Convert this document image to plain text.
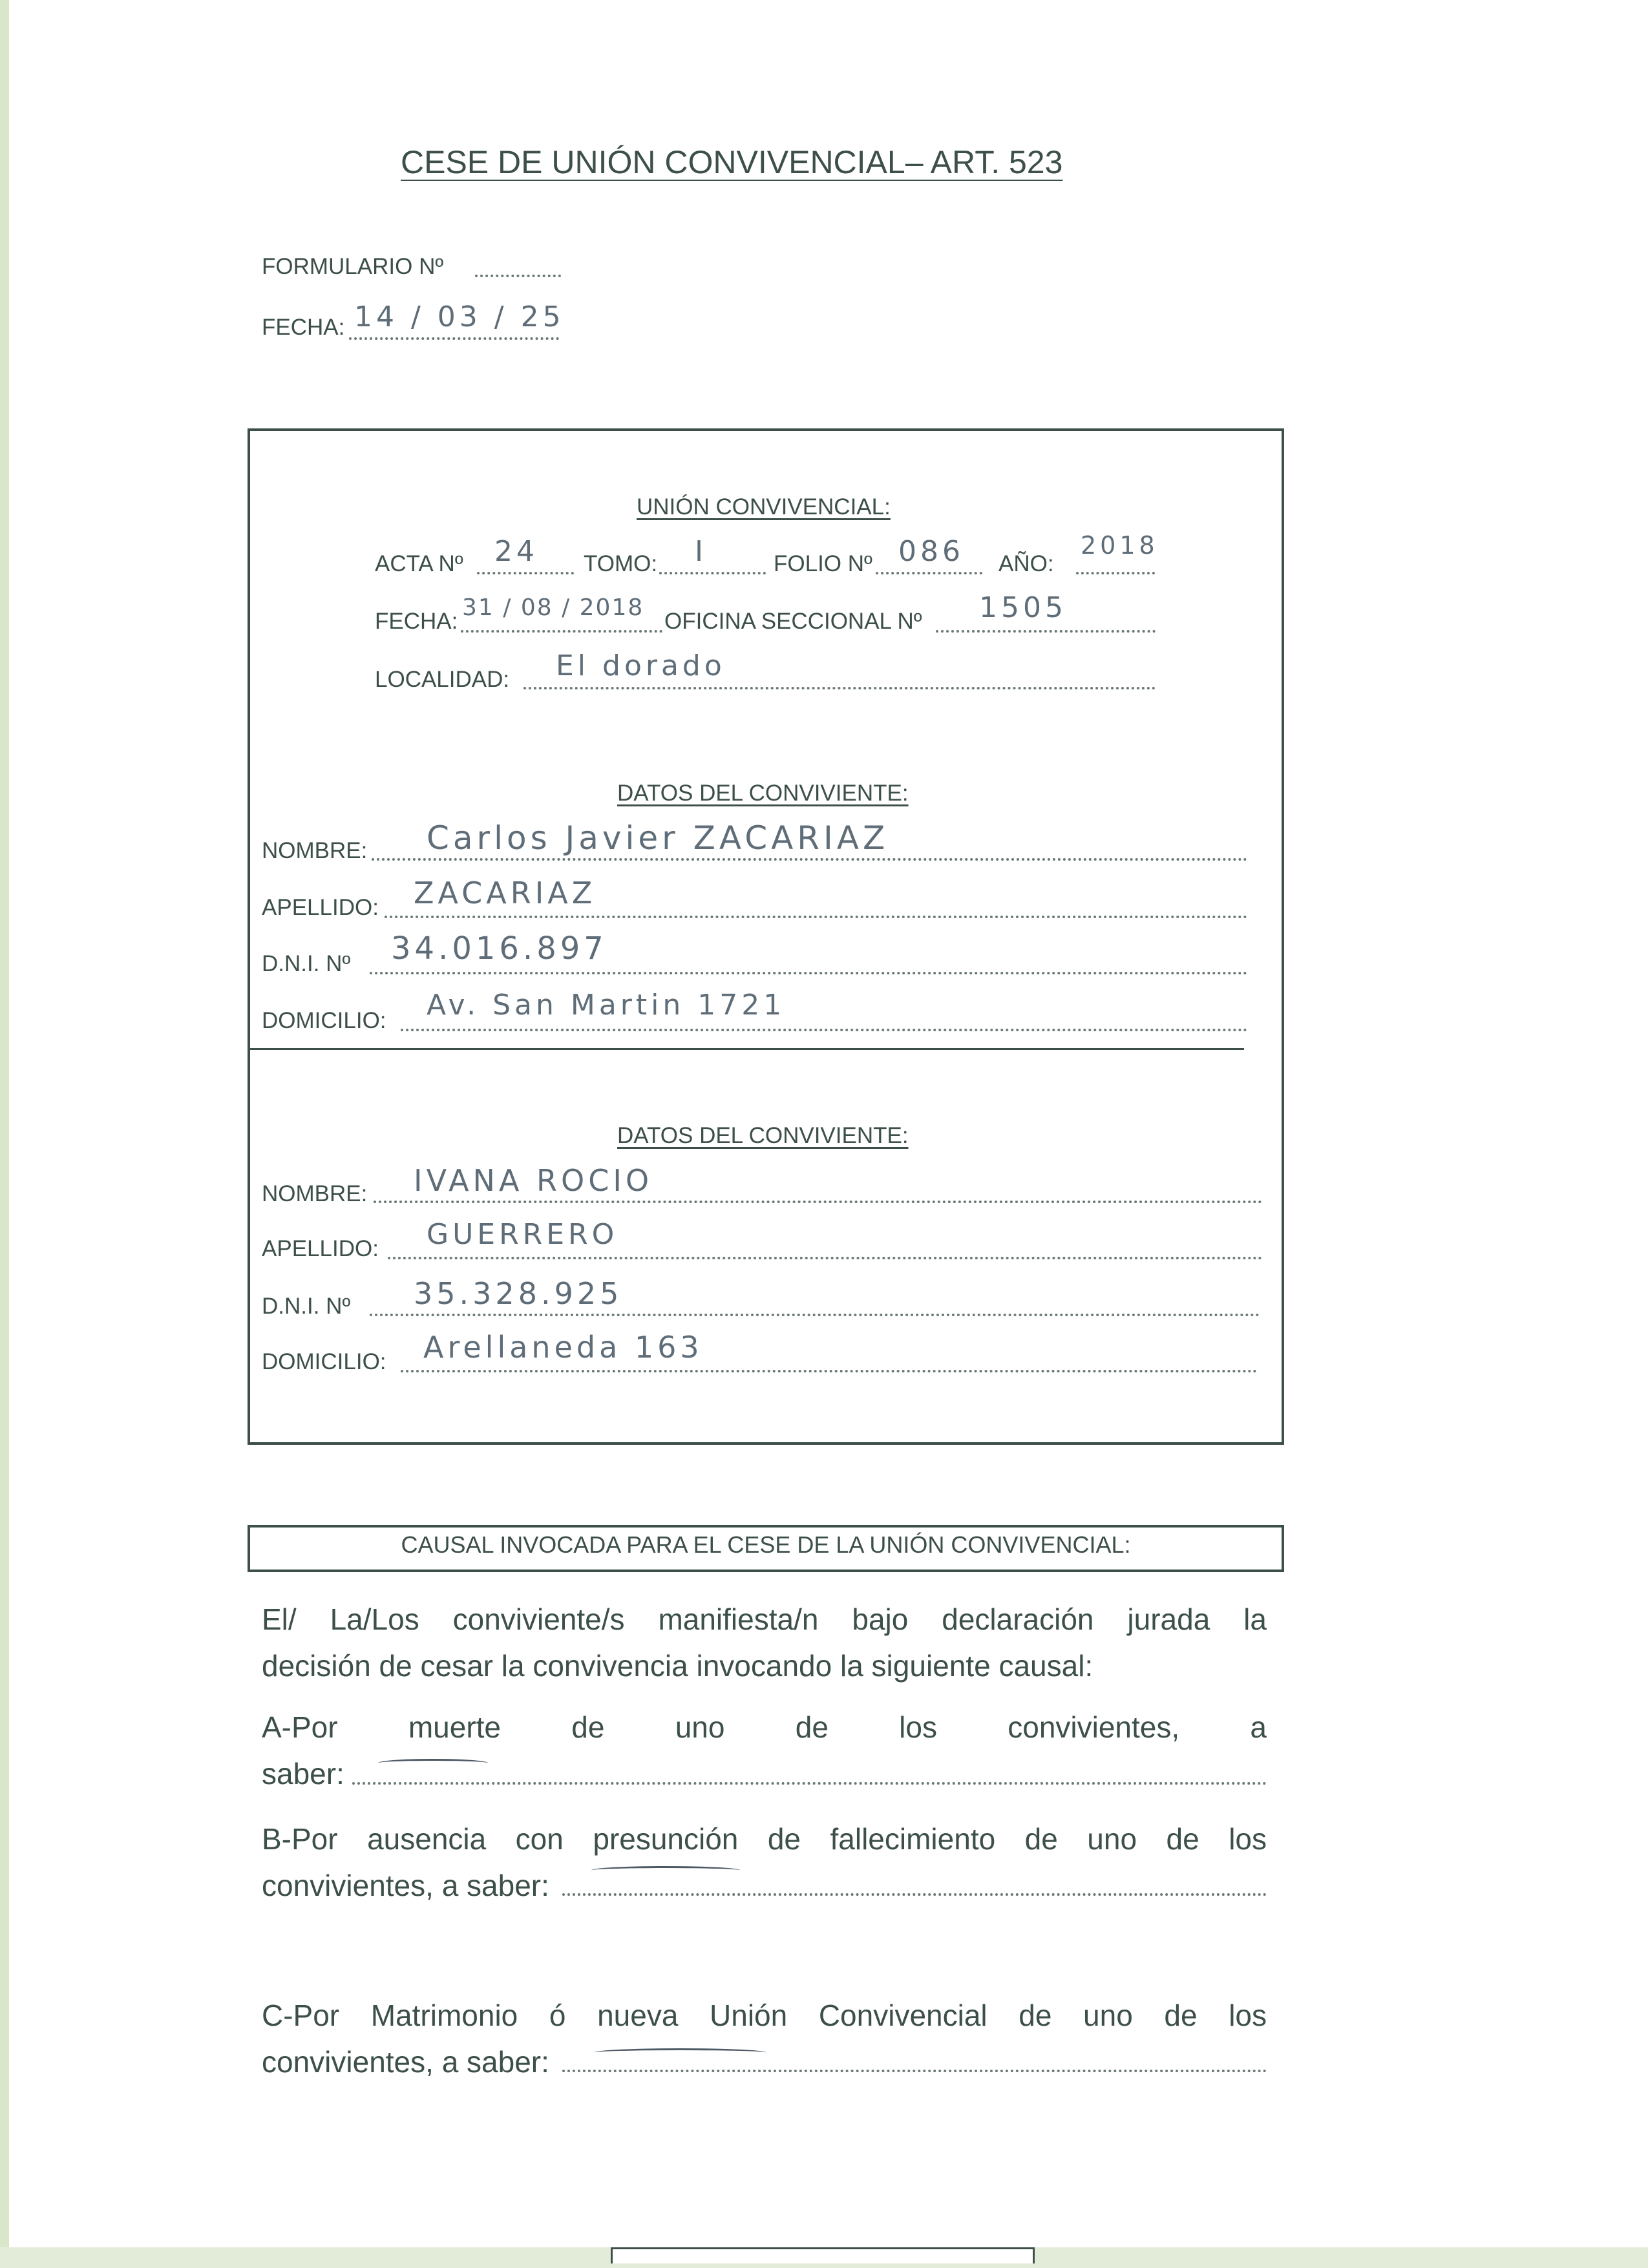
CESE DE UNIÓN CONVIVENCIAL– ART. 523
FORMULARIO Nº
FECHA: 14 / 03 / 25
UNIÓN CONVIVENCIAL:
ACTA Nº 24 TOMO: I	FOLIO Nº 086 AÑO:
2018
FECHA:
31 / 08 / 2018
OFICINA SECCIONAL Nº 1505
LOCALIDAD: El dorado
DATOS DEL CONVIVIENTE:
NOMBRE: Carlos Javier ZACARIAZ
APELLIDO: ZACARIAZ
D.N.I. Nº 34.016.897
DOMICILIO: Av. San Martin 1721
DATOS DEL CONVIVIENTE:
NOMBRE: IVANA ROCIO
APELLIDO: GUERRERO
D.N.I. Nº 35.328.925
DOMICILIO: Arellaneda 163
CAUSAL INVOCADA PARA EL CESE DE LA UNIÓN CONVIVENCIAL:
El/ La/Los conviviente/s manifiesta/n bajo declaración jurada la
decisión de cesar la convivencia invocando la siguiente causal:
A-Por muerte de uno de los convivientes, a
saber:
B-Por ausencia con presunción de fallecimiento de uno de los
convivientes, a saber:
C-Por Matrimonio ó nueva Unión Convivencial de uno de los
convivientes, a saber:
